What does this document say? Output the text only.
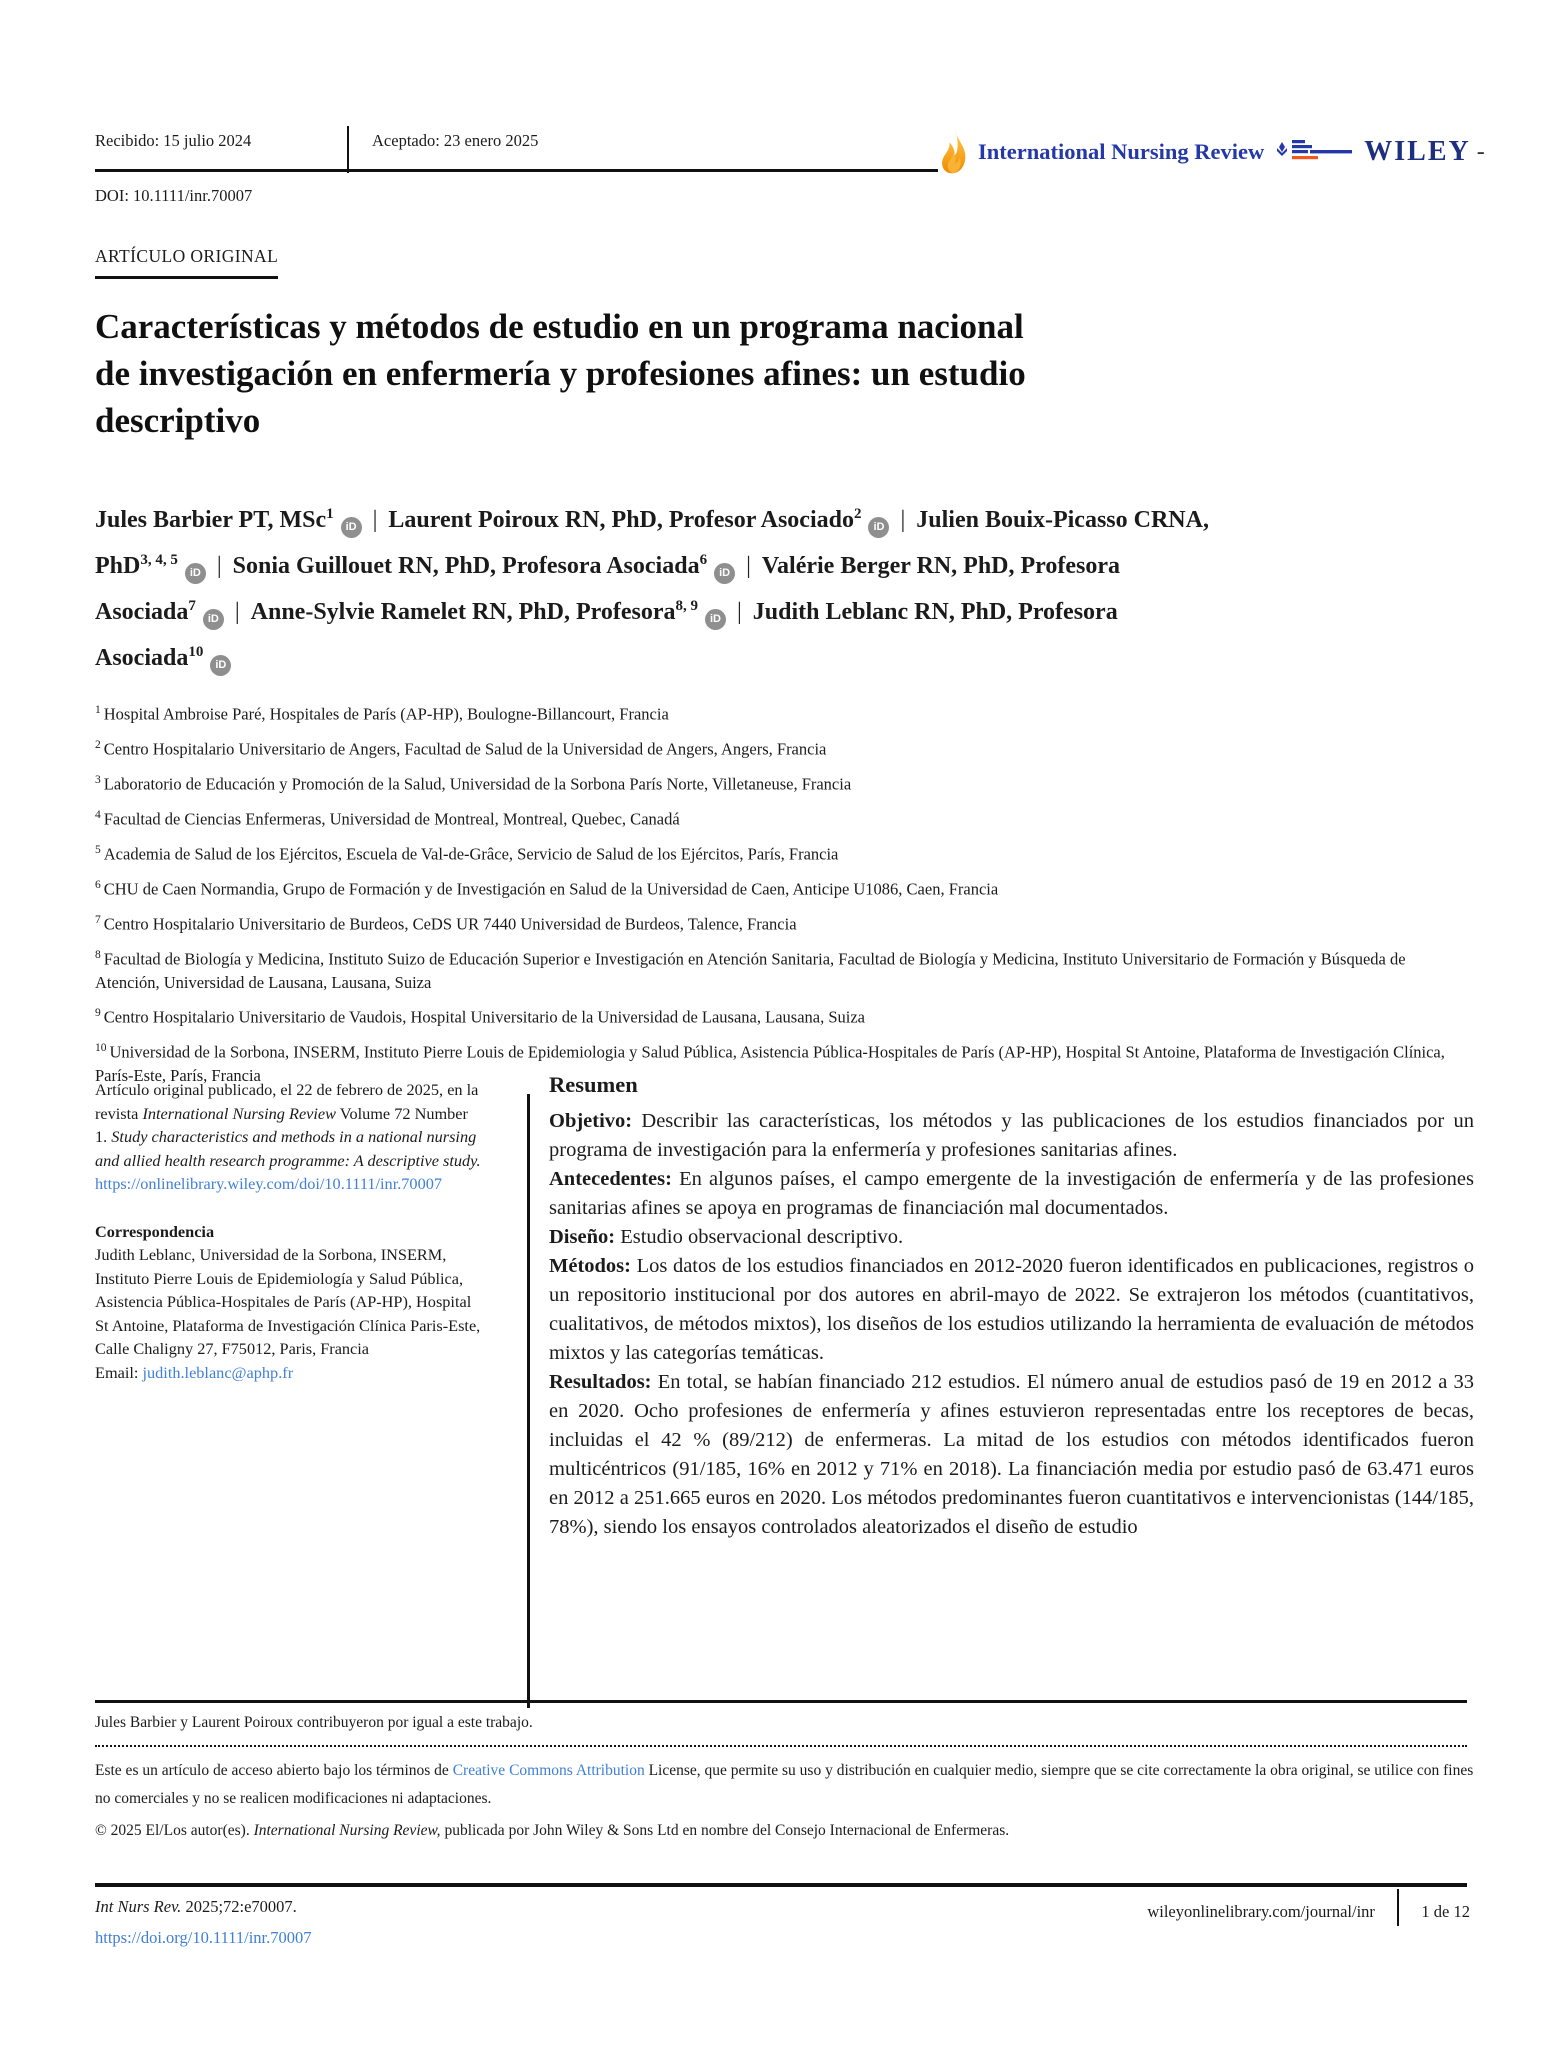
Recibido: 15 julio 2024	Aceptado: 23 enero 2025
DOI: 10.1111/inr.70007
International Nursing Review	WILEY -
ARTÍCULO ORIGINAL
Características y métodos de estudio en un programa nacional
de investigación en enfermería y profesiones afines: un estudio
descriptivo
Jules Barbier PT, MSc$^1$iD | Laurent Poiroux RN, PhD, Profesor Asociado$^2$iD | Julien Bouix-Picasso CRNA, PhD$^{3, 4, 5}$iD | Sonia Guillouet RN, PhD, Profesora Asociada$^6$iD | Valérie Berger RN, PhD, Profesora Asociada$^7$iD | Anne-Sylvie Ramelet RN, PhD, Profesora$^{8, 9}$iD | Judith Leblanc RN, PhD, Profesora Asociada$^{10}$iD
$^1$ Hospital Ambroise Paré, Hospitales de París (AP-HP), Boulogne-Billancourt, Francia
$^2$ Centro Hospitalario Universitario de Angers, Facultad de Salud de la Universidad de Angers, Angers, Francia
$^3$ Laboratorio de Educación y Promoción de la Salud, Universidad de la Sorbona París Norte, Villetaneuse, Francia
$^4$ Facultad de Ciencias Enfermeras, Universidad de Montreal, Montreal, Quebec, Canadá
$^5$ Academia de Salud de los Ejércitos, Escuela de Val-de-Grâce, Servicio de Salud de los Ejércitos, París, Francia
$^6$ CHU de Caen Normandia, Grupo de Formación y de Investigación en Salud de la Universidad de Caen, Anticipe U1086, Caen, Francia
$^7$ Centro Hospitalario Universitario de Burdeos, CeDS UR 7440 Universidad de Burdeos, Talence, Francia
$^8$ Facultad de Biología y Medicina, Instituto Suizo de Educación Superior e Investigación en Atención Sanitaria, Facultad de Biología y Medicina, Instituto Universitario de Formación y Búsqueda de Atención, Universidad de Lausana, Lausana, Suiza
$^9$ Centro Hospitalario Universitario de Vaudois, Hospital Universitario de la Universidad de Lausana, Lausana, Suiza
$^{10}$ Universidad de la Sorbona, INSERM, Instituto Pierre Louis de Epidemiologia y Salud Pública, Asistencia Pública-Hospitales de París (AP-HP), Hospital St Antoine, Plataforma de Investigación Clínica, París-Este, París, Francia
Artículo original publicado, el 22 de febrero de 2025, en la revista International Nursing Review Volume 72 Number 1. Study characteristics and methods in a national nursing and allied health research programme: A descriptive study. https://onlinelibrary.wiley.com/doi/10.1111/inr.70007
Correspondencia
Judith Leblanc, Universidad de la Sorbona, INSERM, Instituto Pierre Louis de Epidemiología y Salud Pública, Asistencia Pública-Hospitales de París (AP-HP), Hospital St Antoine, Plataforma de Investigación Clínica Paris-Este, Calle Chaligny 27, F75012, Paris, Francia
Email: judith.leblanc@aphp.fr
Resumen

Objetivo: Describir las características, los métodos y las publicaciones de los estudios financiados por un programa de investigación para la enfermería y profesiones sanitarias afines.

Antecedentes: En algunos países, el campo emergente de la investigación de enfermería y de las profesiones sanitarias afines se apoya en programas de financiación mal documentados.

Diseño: Estudio observacional descriptivo.

Métodos: Los datos de los estudios financiados en 2012-2020 fueron identificados en publicaciones, registros o un repositorio institucional por dos autores en abril-mayo de 2022. Se extrajeron los métodos (cuantitativos, cualitativos, de métodos mixtos), los diseños de los estudios utilizando la herramienta de evaluación de métodos mixtos y las categorías temáticas.

Resultados: En total, se habían financiado 212 estudios. El número anual de estudios pasó de 19 en 2012 a 33 en 2020. Ocho profesiones de enfermería y afines estuvieron representadas entre los receptores de becas, incluidas el 42 % (89/212) de enfermeras. La mitad de los estudios con métodos identificados fueron multicéntricos (91/185, 16% en 2012 y 71% en 2018). La financiación media por estudio pasó de 63.471 euros en 2012 a 251.665 euros en 2020. Los métodos predominantes fueron cuantitativos e intervencionistas (144/185, 78%), siendo los ensayos controlados aleatorizados el diseño de estudio

Jules Barbier y Laurent Poiroux contribuyeron por igual a este trabajo.

Este es un artículo de acceso abierto bajo los términos de Creative Commons Attribution License, que permite su uso y distribución en cualquier medio, siempre que se cite correctamente la obra original, se utilice con fines no comerciales y no se realicen modificaciones ni adaptaciones.

© 2025 El/Los autor(es). International Nursing Review, publicada por John Wiley & Sons Ltd en nombre del Consejo Internacional de Enfermeras.

Int Nurs Rev. 2025;72:e70007.	wileyonlinelibrary.com/journal/inr	1 de 12
https://doi.org/10.1111/inr.70007
